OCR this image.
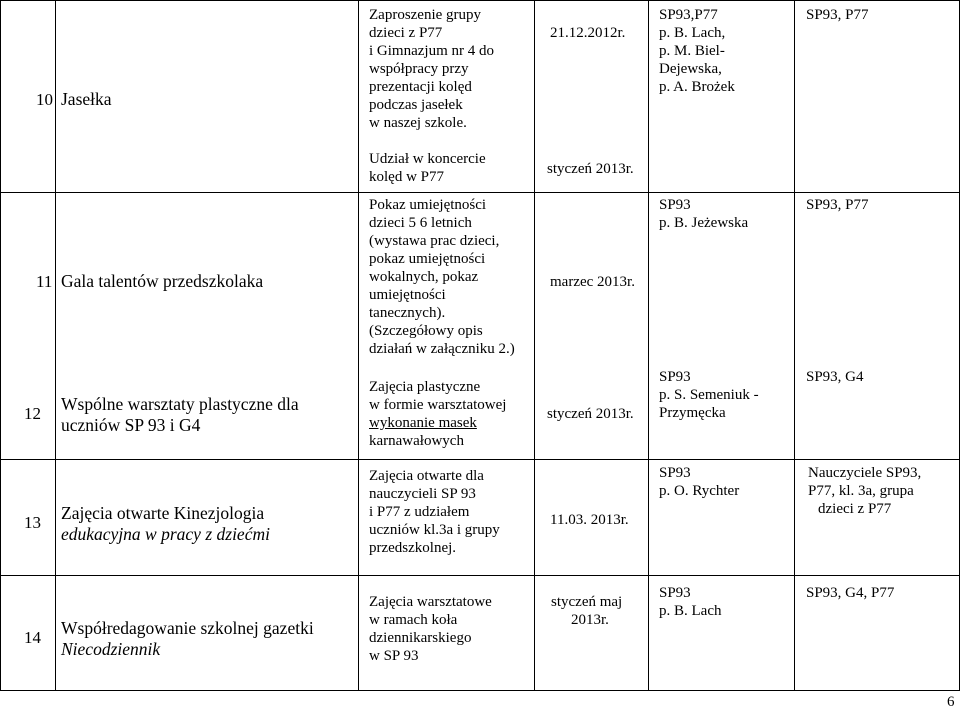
10 Jasełka
Zaproszenie grupy
dzieci z P77
i Gimnazjum nr 4 do
współpracy przy
prezentacji kolęd
podczas jasełek
w naszej szkole.
21.12.2012r.
SP93,P77
p. B. Lach,
p. M. Biel-
Dejewska,
p. A. Brożek
SP93, P77
Udział w koncercie
kolęd w P77	styczeń 2013r.
11 Gala talentów przedszkolaka
Pokaz umiejętności
dzieci 5 6 letnich
(wystawa prac dzieci,
pokaz umiejętności
wokalnych, pokaz
umiejętności
tanecznych).
(Szczegółowy opis
działań w załączniku 2.)
marzec 2013r.
SP93
p. B. Jeżewska
SP93, P77
12 Wspólne warsztaty plastyczne dla
uczniów SP 93 i G4
Zajęcia plastyczne
w formie warsztatowej
wykonanie masek
karnawałowych
styczeń 2013r.
SP93
p. S. Semeniuk -
Przymęcka
SP93, G4
13 Zajęcia otwarte Kinezjologia
edukacyjna w pracy z dziećmi
Zajęcia otwarte dla
nauczycieli SP 93
i P77 z udziałem
uczniów kl.3a i grupy
przedszkolnej.
11.03. 2013r.
SP93
p. O. Rychter
Nauczyciele SP93,
P77, kl. 3a, grupa
dzieci z P77
14 Współredagowanie szkolnej gazetki
Niecodziennik
Zajęcia warsztatowe
w ramach koła
dziennikarskiego
w SP 93
styczeń maj
2013r.
SP93
p. B. Lach
SP93, G4, P77
6
